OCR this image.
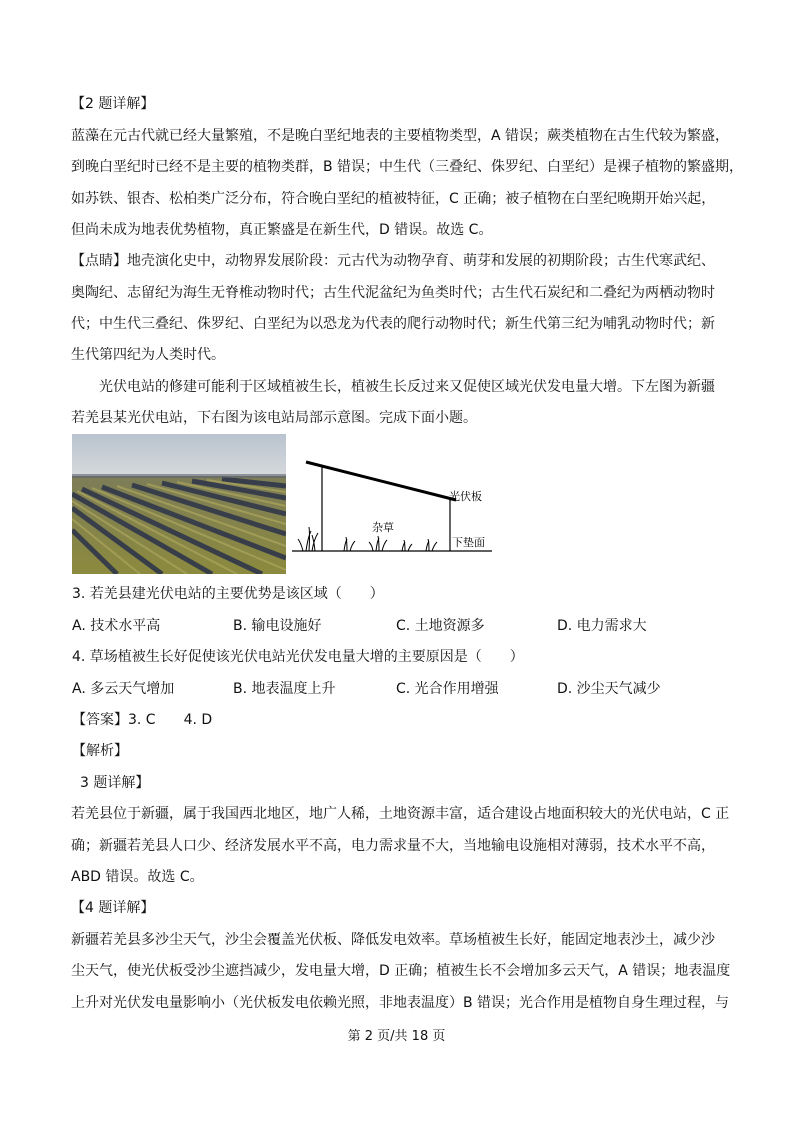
【2 题详解】
蓝藻在元古代就已经大量繁殖，不是晚白垩纪地表的主要植物类型，A 错误；蕨类植物在古生代较为繁盛，
到晚白垩纪时已经不是主要的植物类群，B 错误；中生代（三叠纪、侏罗纪、白垩纪）是裸子植物的繁盛期，
如苏铁、银杏、松柏类广泛分布，符合晚白垩纪的植被特征，C 正确；被子植物在白垩纪晚期开始兴起，
但尚未成为地表优势植物，真正繁盛是在新生代，D 错误。故选 C。
【点睛】地壳演化史中，动物界发展阶段：元古代为动物孕育、萌芽和发展的初期阶段；古生代寒武纪、
奥陶纪、志留纪为海生无脊椎动物时代；古生代泥盆纪为鱼类时代；古生代石炭纪和二叠纪为两栖动物时
代；中生代三叠纪、侏罗纪、白垩纪为以恐龙为代表的爬行动物时代；新生代第三纪为哺乳动物时代；新
生代第四纪为人类时代。
光伏电站的修建可能利于区域植被生长，植被生长反过来又促使区域光伏发电量大增。下左图为新疆
若羌县某光伏电站，下右图为该电站局部示意图。完成下面小题。
光伏板
杂草
下垫面
3. 若羌县建光伏电站的主要优势是该区域（　　）
A. 技术水平高	B. 输电设施好	C. 土地资源多	D. 电力需求大
4. 草场植被生长好促使该光伏电站光伏发电量大增的主要原因是（　　）
A. 多云天气增加	B. 地表温度上升	C. 光合作用增强	D. 沙尘天气减少
【答案】3. C　　4. D
【解析】
3 题详解】
若羌县位于新疆，属于我国西北地区，地广人稀，土地资源丰富，适合建设占地面积较大的光伏电站，C 正
确；新疆若羌县人口少、经济发展水平不高，电力需求量不大，当地输电设施相对薄弱，技术水平不高，
ABD 错误。故选 C。
【4 题详解】
新疆若羌县多沙尘天气，沙尘会覆盖光伏板、降低发电效率。草场植被生长好，能固定地表沙土，减少沙
尘天气，使光伏板受沙尘遮挡减少，发电量大增，D 正确；植被生长不会增加多云天气，A 错误；地表温度
上升对光伏发电量影响小（光伏板发电依赖光照，非地表温度）B 错误；光合作用是植物自身生理过程，与
第 2 页/共 18 页
